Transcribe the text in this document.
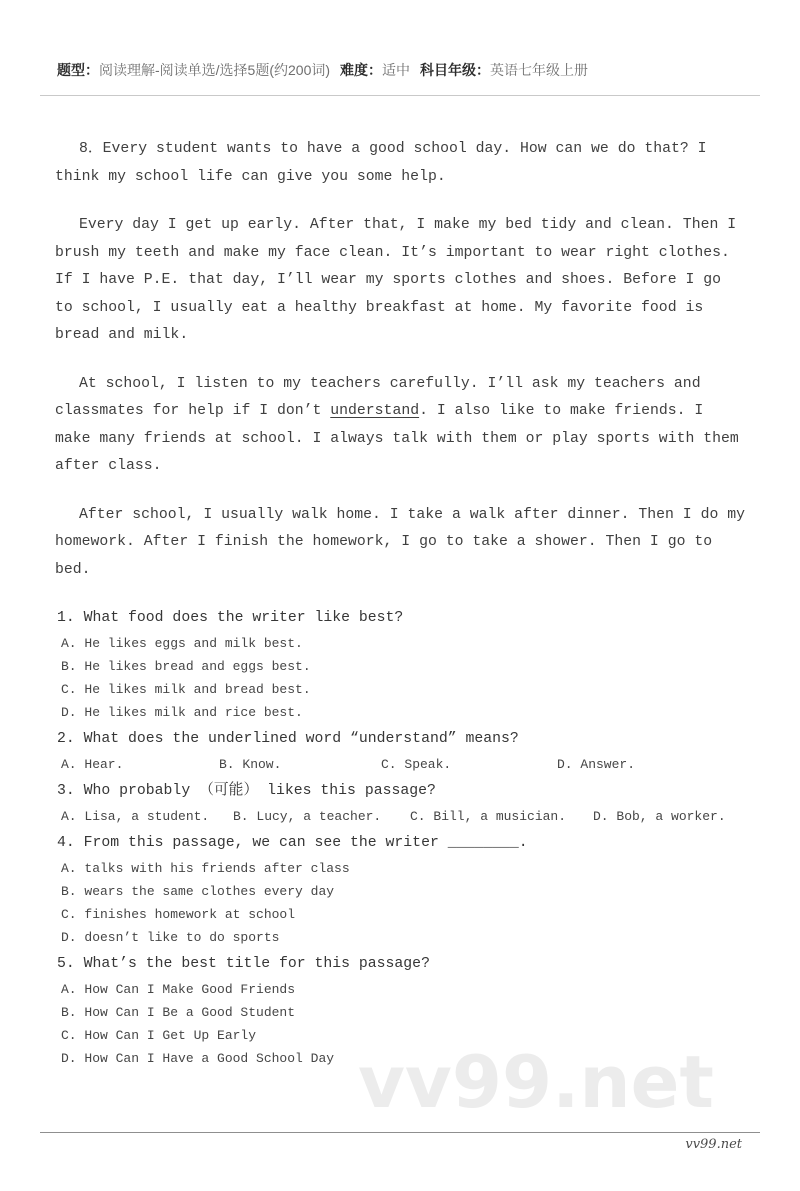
vv99.net
题型：阅读理解-阅读单选/选择5题(约200词) 难度：适中 科目年级：英语七年级上册

8．Every student wants to have a good school day. How can we do that? I think my school life can give you some help.

Every day I get up early. After that, I make my bed tidy and clean. Then I brush my teeth and make my face clean. It’s important to wear right clothes. If I have P.E. that day, I’ll wear my sports clothes and shoes. Before I go to school, I usually eat a healthy breakfast at home. My favorite food is bread and milk.

At school, I listen to my teachers carefully. I’ll ask my teachers and classmates for help if I don’t understand. I also like to make friends. I make many friends at school. I always talk with them or play sports with them after class.

After school, I usually walk home. I take a walk after dinner. Then I do my homework. After I finish the homework, I go to take a shower. Then I go to bed.

1. What food does the writer like best?
A. He likes eggs and milk best.
B. He likes bread and eggs best.
C. He likes milk and bread best.
D. He likes milk and rice best.
2. What does the underlined word “understand” means?
A. Hear.	B. Know.	C. Speak.	D. Answer.
3. Who probably （可能） likes this passage?
A. Lisa, a student.	B. Lucy, a teacher.	C. Bill, a musician.	D. Bob, a worker.
4. From this passage, we can see the writer ________.
A. talks with his friends after class
B. wears the same clothes every day
C. finishes homework at school
D. doesn’t like to do sports
5. What’s the best title for this passage?
A. How Can I Make Good Friends
B. How Can I Be a Good Student
C. How Can I Get Up Early
D. How Can I Have a Good School Day
vv99.net
